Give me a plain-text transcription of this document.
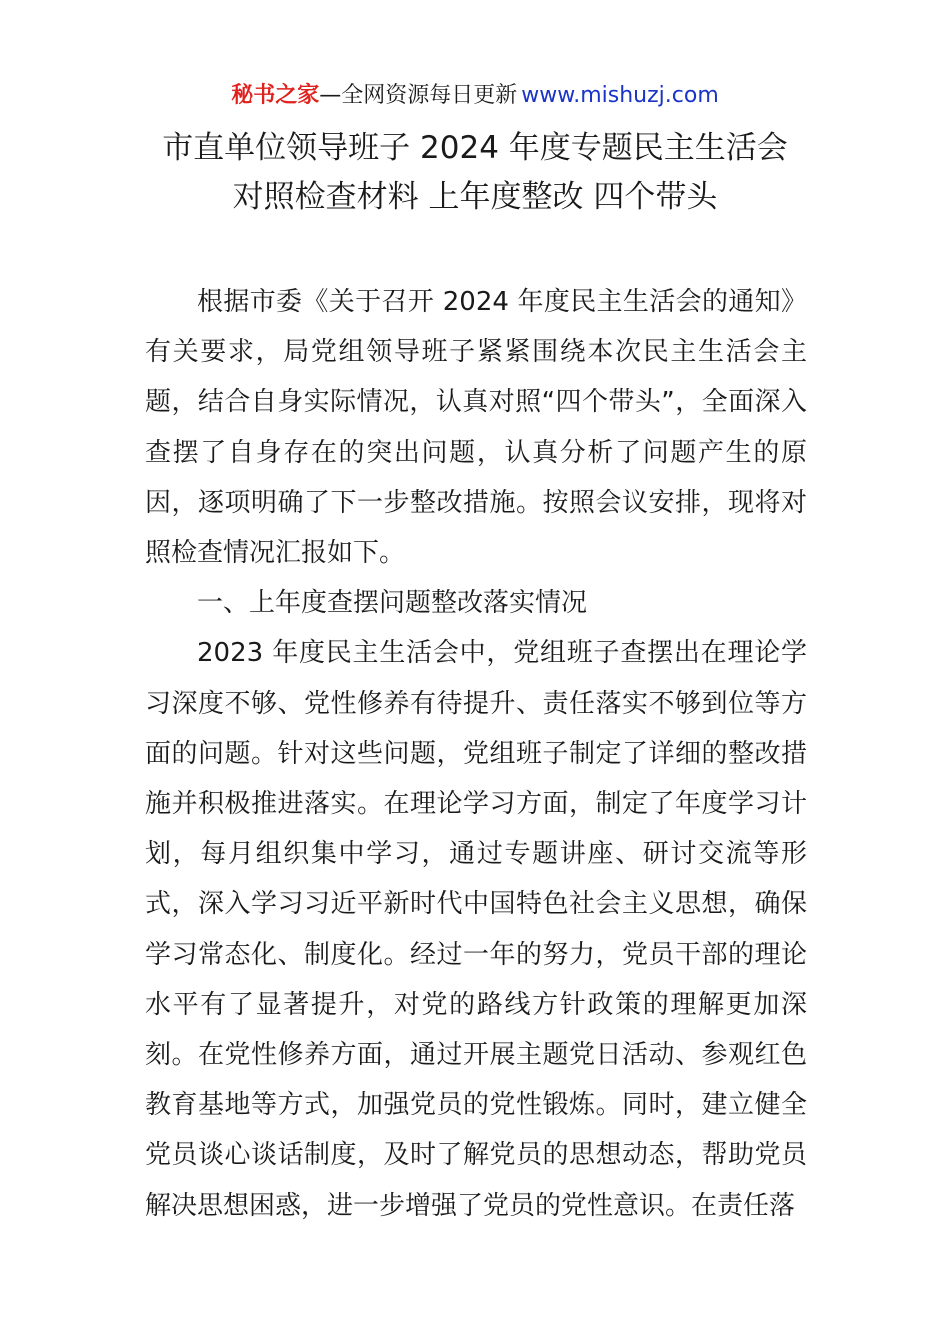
秘书之家—全网资源每日更新 www.mishuzj.com
市直单位领导班子 2024 年度专题民主生活会
对照检查材料 上年度整改 四个带头

根据市委《关于召开 2024 年度民主生活会的通知》有关要求，局党组领导班子紧紧围绕本次民主生活会主题，结合自身实际情况，认真对照“四个带头”，全面深入查摆了自身存在的突出问题，认真分析了问题产生的原因，逐项明确了下一步整改措施。按照会议安排，现将对照检查情况汇报如下。

一、上年度查摆问题整改落实情况

2023 年度民主生活会中，党组班子查摆出在理论学习深度不够、党性修养有待提升、责任落实不够到位等方面的问题。针对这些问题，党组班子制定了详细的整改措施并积极推进落实。在理论学习方面，制定了年度学习计划，每月组织集中学习，通过专题讲座、研讨交流等形式，深入学习习近平新时代中国特色社会主义思想，确保学习常态化、制度化。经过一年的努力，党员干部的理论水平有了显著提升，对党的路线方针政策的理解更加深刻。在党性修养方面，通过开展主题党日活动、参观红色教育基地等方式，加强党员的党性锻炼。同时，建立健全党员谈心谈话制度，及时了解党员的思想动态，帮助党员解决思想困惑，进一步增强了党员的党性意识。在责任落
